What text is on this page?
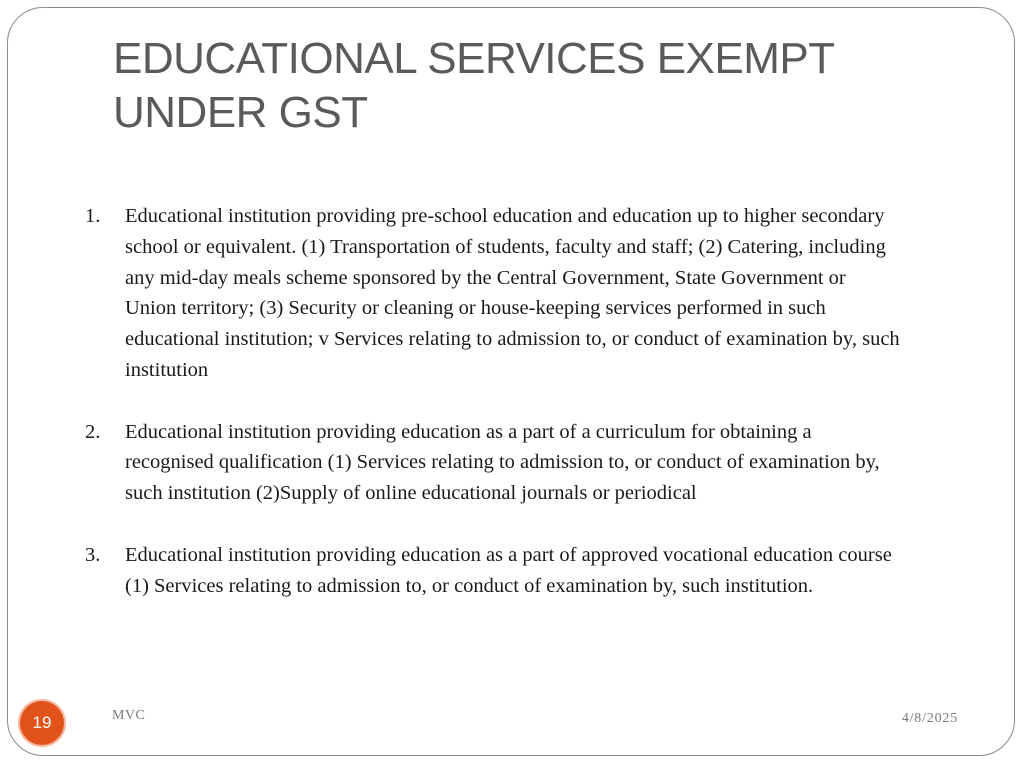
EDUCATIONAL SERVICES EXEMPT UNDER GST
1.	Educational institution providing pre-school education and education up to higher secondary school or equivalent. (1) Transportation of students, faculty and staff; (2) Catering, including any mid-day meals scheme sponsored by the Central Government, State Government or Union territory; (3) Security or cleaning or house-keeping services performed in such educational institution; v Services relating to admission to, or conduct of examination by, such institution
2.	Educational institution providing education as a part of a curriculum for obtaining a recognised qualification (1) Services relating to admission to, or conduct of examination by, such institution (2)Supply of online educational journals or periodical
3.	Educational institution providing education as a part of approved vocational education course (1) Services relating to admission to, or conduct of examination by, such institution.
19	MVC	4/8/2025
